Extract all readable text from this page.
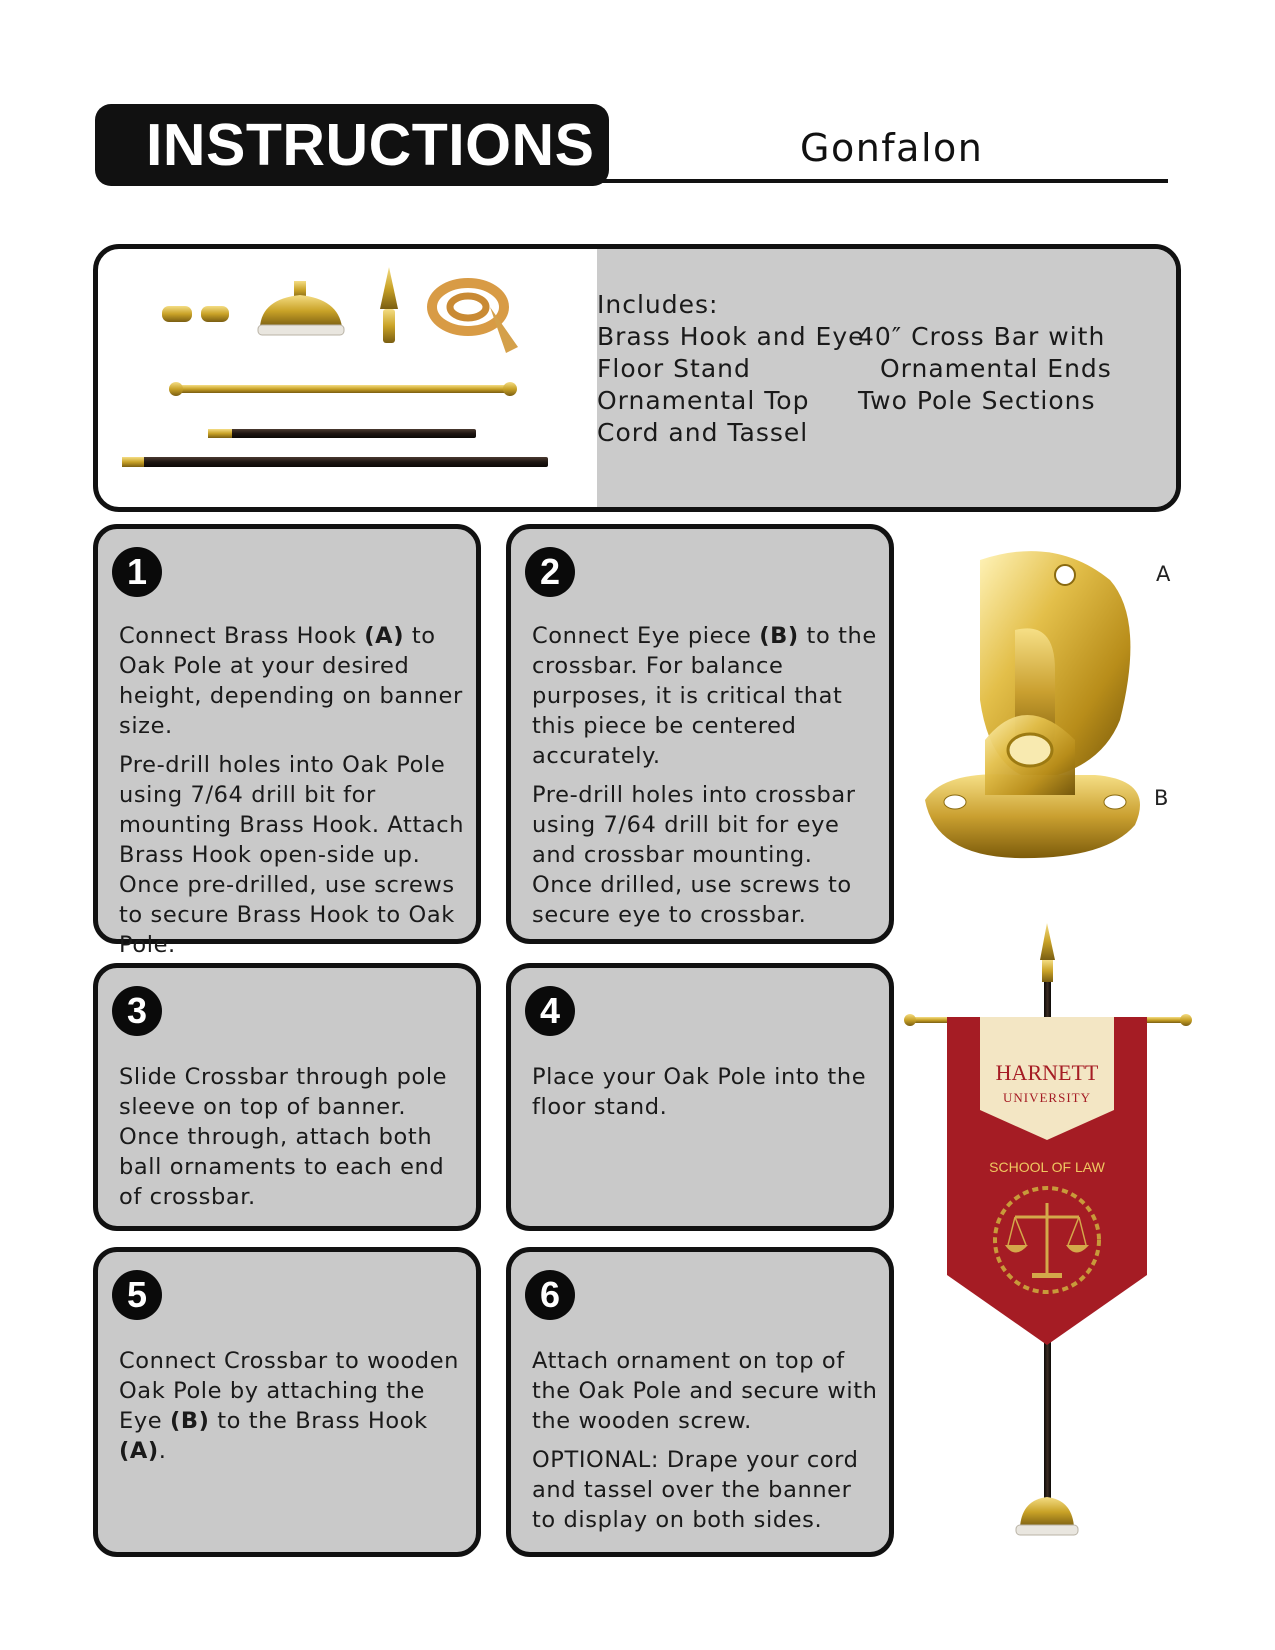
INSTRUCTIONS	Gonfalon
Includes:
Brass Hook and Eye
Floor Stand
Ornamental Top
Cord and Tassel
40″ Cross Bar with
Ornamental Ends
Two Pole Sections
1

Connect Brass Hook (A) to Oak Pole at your desired height, depending on banner size.

Pre-drill holes into Oak Pole using 7/64 drill bit for mounting Brass Hook. Attach Brass Hook open-side up. Once pre-drilled, use screws to secure Brass Hook to Oak Pole.

2

Connect Eye piece (B) to the crossbar. For balance purposes, it is critical that this piece be centered accurately.

Pre-drill holes into crossbar using 7/64 drill bit for eye and crossbar mounting. Once drilled, use screws to secure eye to crossbar.

3

Slide Crossbar through pole sleeve on top of banner. Once through, attach both ball ornaments to each end of crossbar.

4

Place your Oak Pole into the floor stand.

5

Connect Crossbar to wooden Oak Pole by attaching the Eye (B) to the Brass Hook (A).

6

Attach ornament on top of the Oak Pole and secure with the wooden screw.

OPTIONAL: Drape your cord and tassel over the banner to display on both sides.

A
B
HARNETT
UNIVERSITY
SCHOOL OF LAW
